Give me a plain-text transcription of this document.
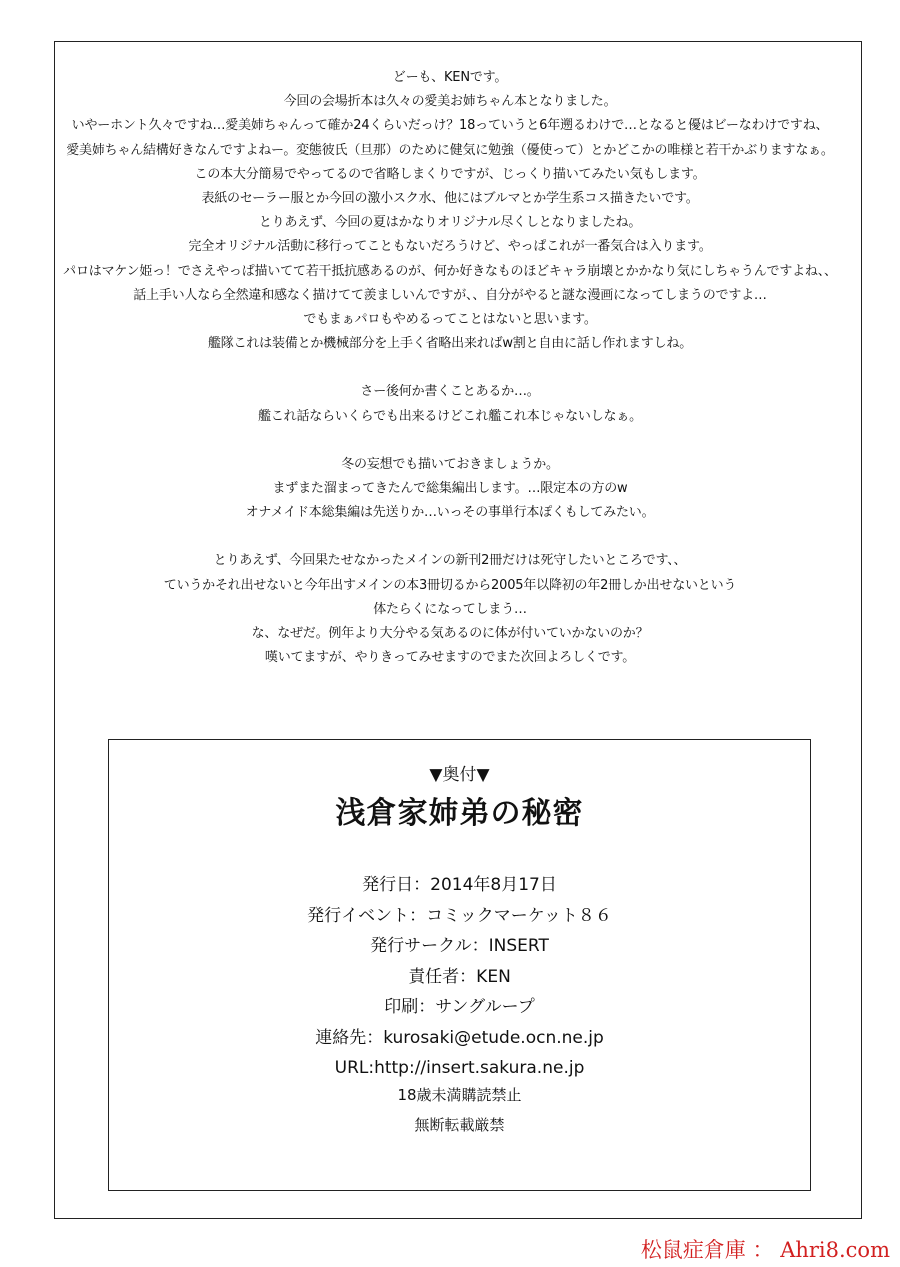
どーも、KENです。
今回の会場折本は久々の愛美お姉ちゃん本となりました。
いやーホント久々ですね…愛美姉ちゃんって確か24くらいだっけ？18っていうと6年遡るわけで…となると優はビーなわけですね、
愛美姉ちゃん結構好きなんですよねー。変態彼氏（旦那）のために健気に勉強（優使って）とかどこかの唯様と若干かぶりますなぁ。
この本大分簡易でやってるので省略しまくりですが、じっくり描いてみたい気もします。
表紙のセーラー服とか今回の激小スク水、他にはブルマとか学生系コス描きたいです。
とりあえず、今回の夏はかなりオリジナル尽くしとなりましたね。
完全オリジナル活動に移行ってこともないだろうけど、やっぱこれが一番気合は入ります。
パロはマケン姫っ！でさえやっぱ描いてて若干抵抗感あるのが、何か好きなものほどキャラ崩壊とかかなり気にしちゃうんですよね、、
話上手い人なら全然違和感なく描けてて羨ましいんですが、、自分がやると謎な漫画になってしまうのですよ…
でもまぁパロもやめるってことはないと思います。
艦隊これは装備とか機械部分を上手く省略出来ればw割と自由に話し作れますしね。
さー後何か書くことあるか…。
艦これ話ならいくらでも出来るけどこれ艦これ本じゃないしなぁ。
冬の妄想でも描いておきましょうか。
まずまた溜まってきたんで総集編出します。…限定本の方のw
オナメイド本総集編は先送りか…いっその事単行本ぽくもしてみたい。
とりあえず、今回果たせなかったメインの新刊2冊だけは死守したいところです、、
ていうかそれ出せないと今年出すメインの本3冊切るから2005年以降初の年2冊しか出せないという
体たらくになってしまう…
な、なぜだ。例年より大分やる気あるのに体が付いていかないのか？
嘆いてますが、やりきってみせますのでまた次回よろしくです。
▼奥付▼
浅倉家姉弟の秘密
発行日：2014年8月17日
発行イベント：コミックマーケット８６
発行サークル：INSERT
責任者：KEN
印刷：サングループ
連絡先：kurosaki@etude.ocn.ne.jp
URL:http://insert.sakura.ne.jp
18歳未満購読禁止
無断転載厳禁
松鼠症倉庫 ： Ahri8.com
